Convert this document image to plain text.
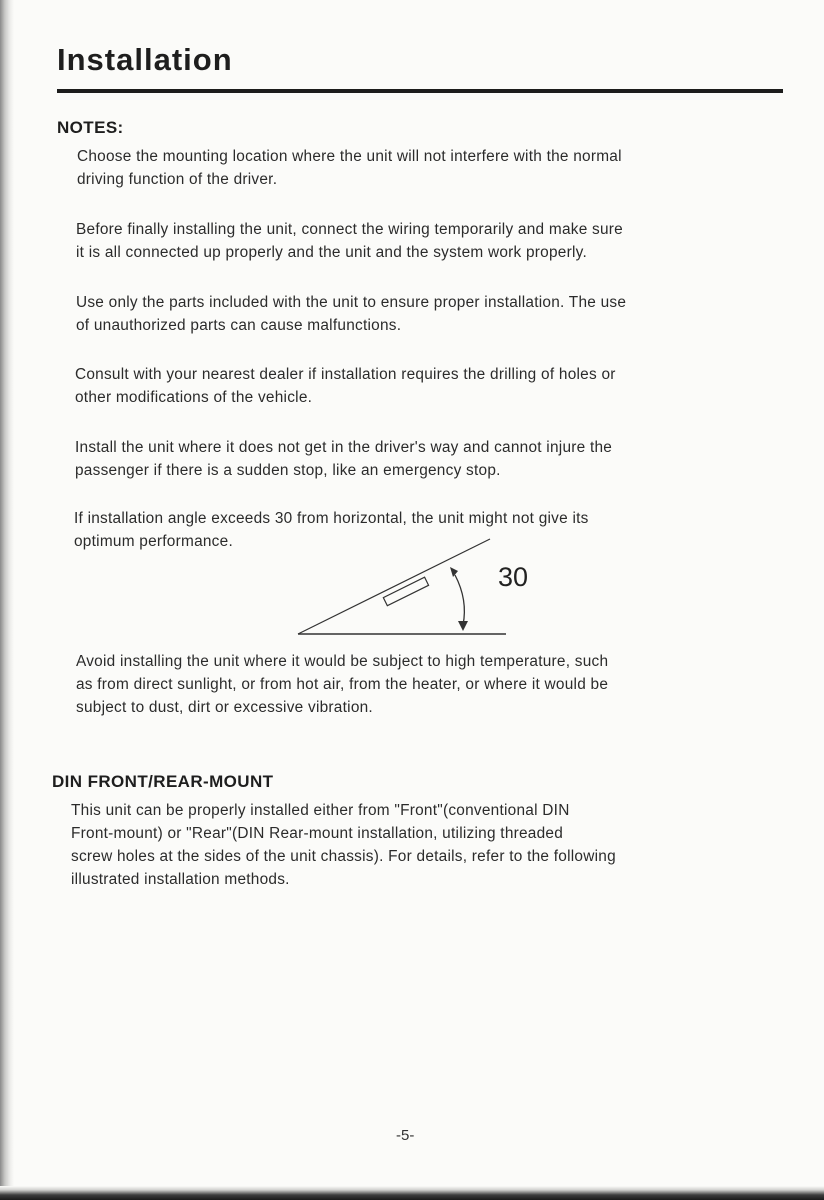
Installation
NOTES:
Choose the mounting location where the unit will not interfere with the normal
driving function of the driver.
Before finally installing the unit, connect the wiring temporarily and make sure
it is all connected up properly and the unit and the system work properly.
Use only the parts included with the unit to ensure proper installation. The use
of unauthorized parts can cause malfunctions.
Consult with your nearest dealer if installation requires the drilling of holes or
other modifications of the vehicle.
Install the unit where it does not get in the driver's way and cannot injure the
passenger if there is a sudden stop, like an emergency stop.
If installation angle exceeds 30 from horizontal, the unit might not give its
optimum performance.
30
Avoid installing the unit where it would be subject to high temperature, such
as from direct sunlight, or from hot air, from the heater, or where it would be
subject to dust, dirt or excessive vibration.
DIN FRONT/REAR-MOUNT
This unit can be properly installed either from "Front"(conventional DIN
Front-mount) or "Rear"(DIN Rear-mount installation, utilizing threaded
screw holes at the sides of the unit chassis). For details, refer to the following
illustrated installation methods.
-5-
